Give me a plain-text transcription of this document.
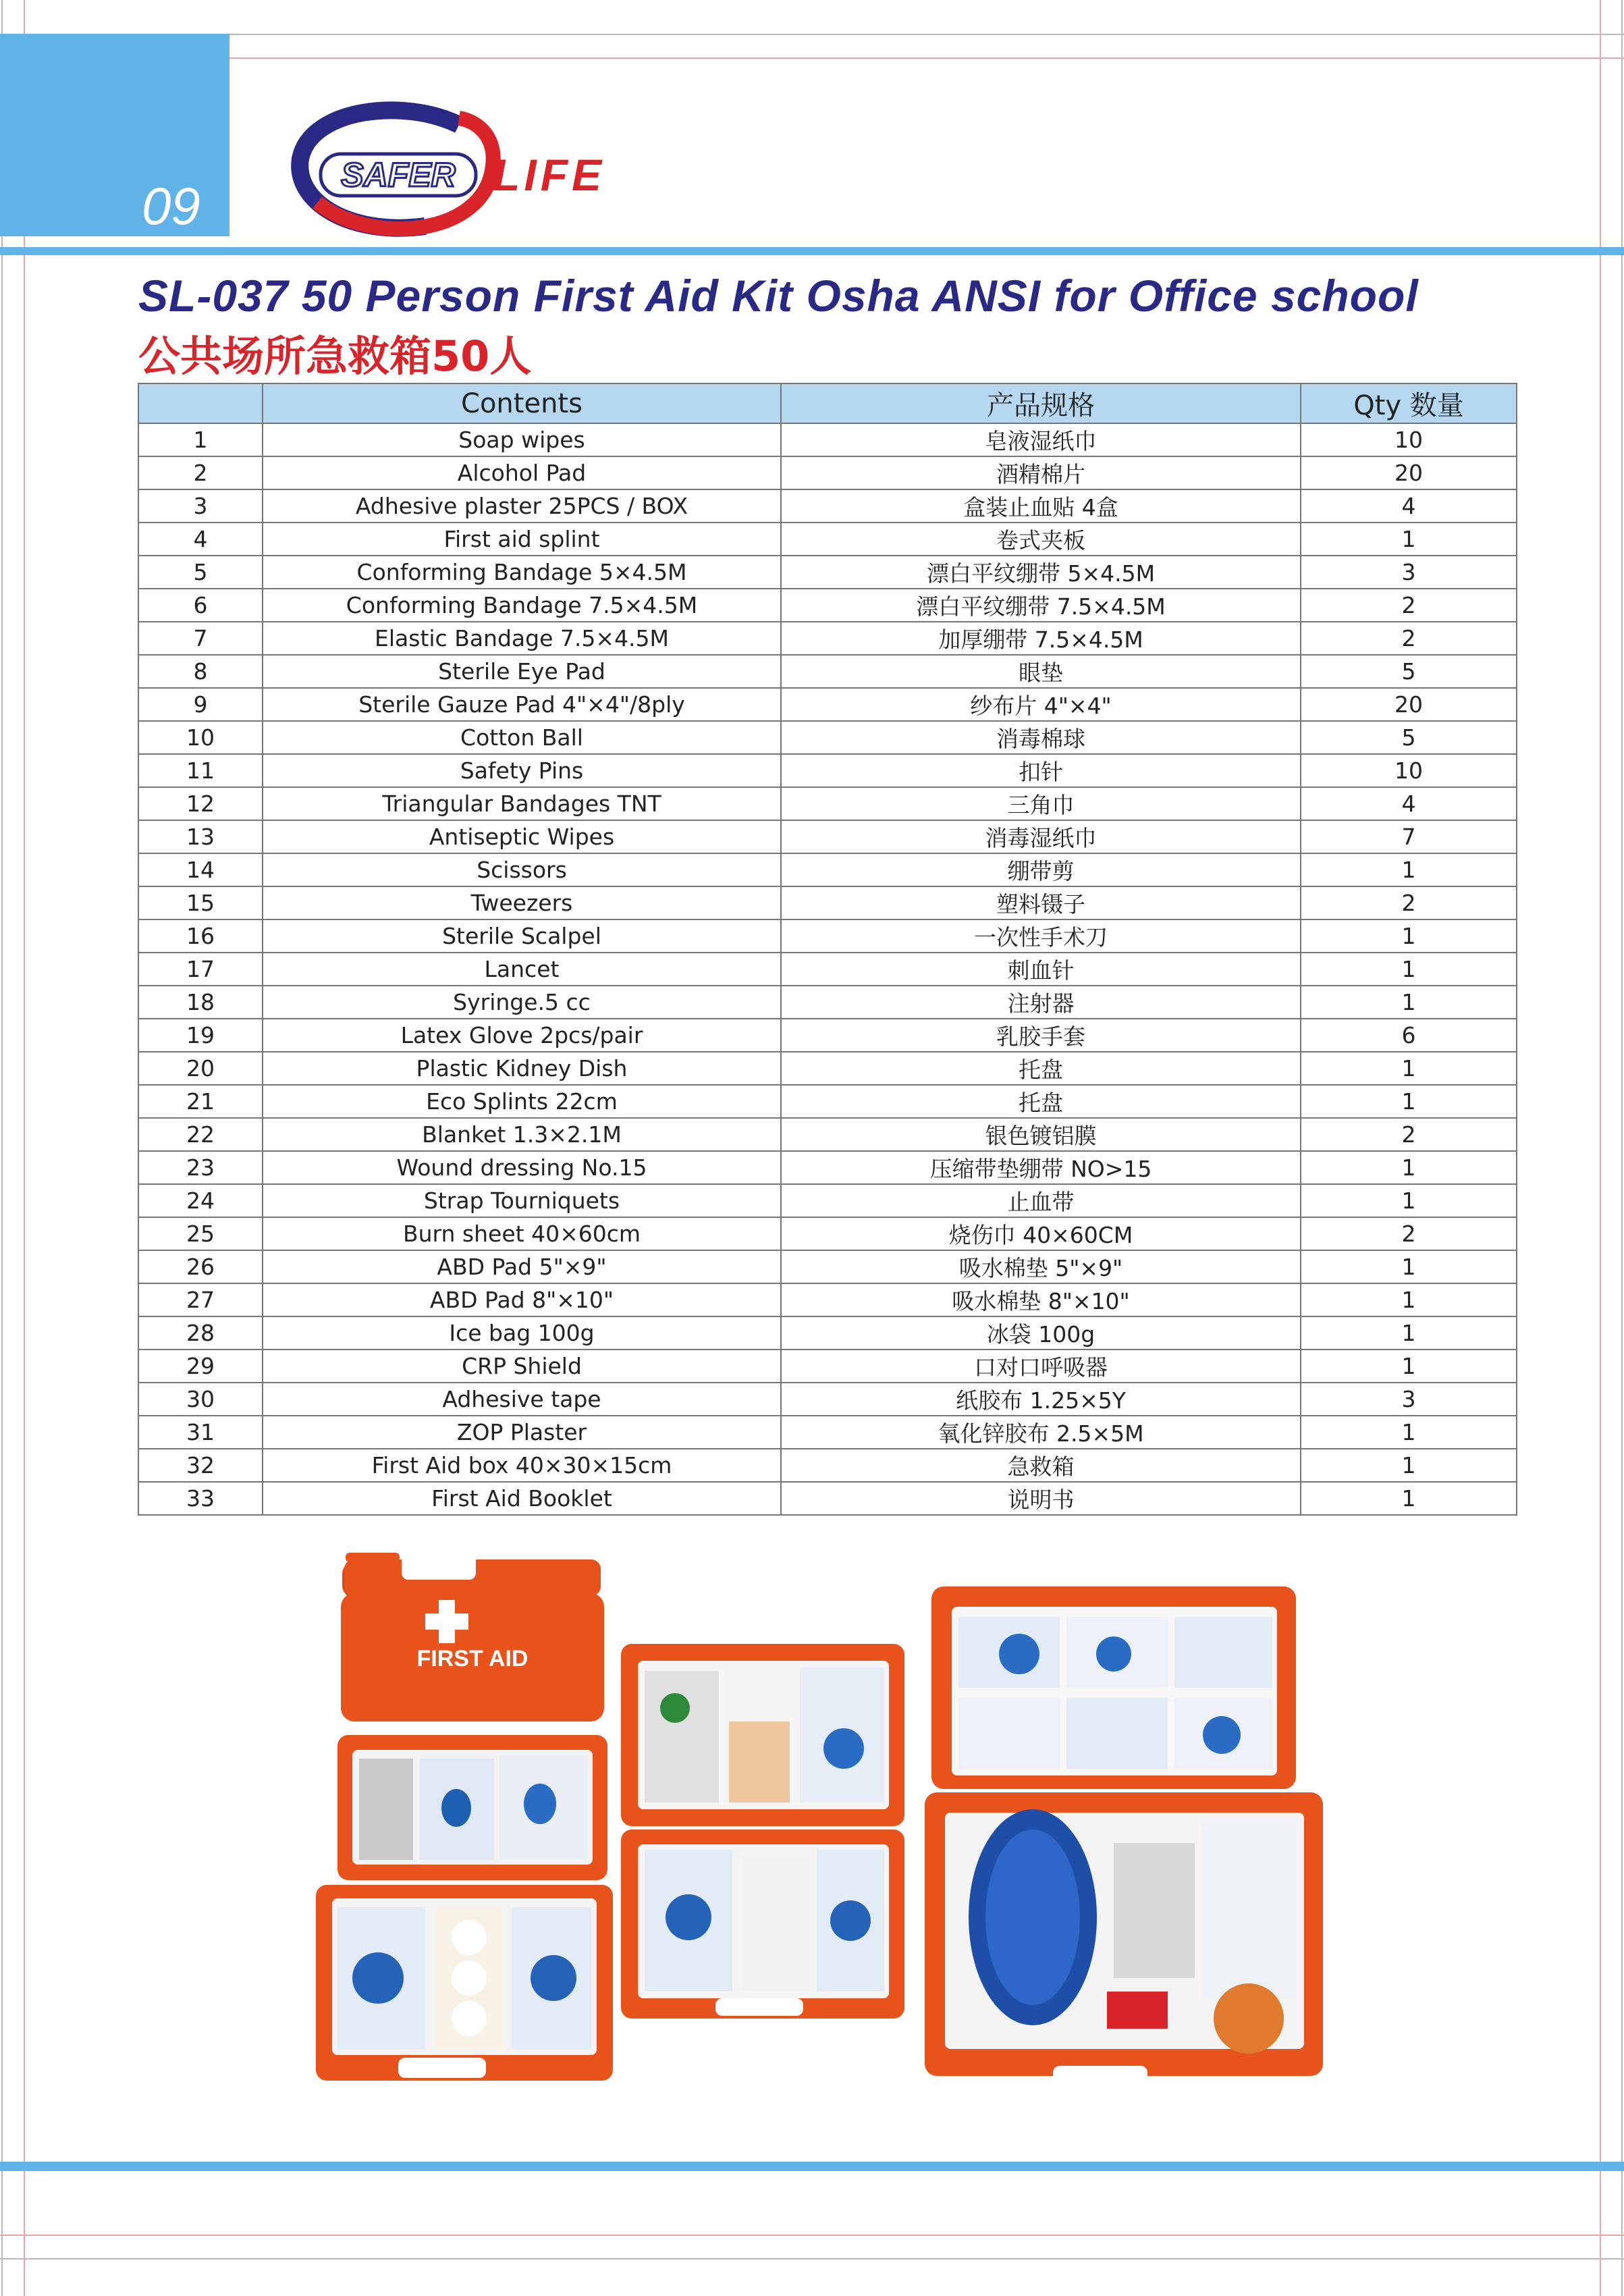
09
SAFER LIFE
SL-037 50 Person First Aid Kit Osha ANSI for Office school
公共场所急救箱50人
	Contents	产品规格	Qty 数量
1	Soap wipes	皂液湿纸巾	10
2	Alcohol Pad	酒精棉片	20
3	Adhesive plaster 25PCS / BOX	盒装止血贴 4盒	4
4	First aid splint	卷式夹板	1
5	Conforming Bandage 5×4.5M	漂白平纹绷带 5×4.5M	3
6	Conforming Bandage 7.5×4.5M	漂白平纹绷带 7.5×4.5M	2
7	Elastic Bandage 7.5×4.5M	加厚绷带 7.5×4.5M	2
8	Sterile Eye Pad	眼垫	5
9	Sterile Gauze Pad 4"×4"/8ply	纱布片 4"×4"	20
10	Cotton Ball	消毒棉球	5
11	Safety Pins	扣针	10
12	Triangular Bandages TNT	三角巾	4
13	Antiseptic Wipes	消毒湿纸巾	7
14	Scissors	绷带剪	1
15	Tweezers	塑料镊子	2
16	Sterile Scalpel	一次性手术刀	1
17	Lancet	刺血针	1
18	Syringe.5 cc	注射器	1
19	Latex Glove 2pcs/pair	乳胶手套	6
20	Plastic Kidney Dish	托盘	1
21	Eco Splints 22cm	托盘	1
22	Blanket 1.3×2.1M	银色镀铝膜	2
23	Wound dressing No.15	压缩带垫绷带 NO>15	1
24	Strap Tourniquets	止血带	1
25	Burn sheet 40×60cm	烧伤巾 40×60CM	2
26	ABD Pad 5"×9"	吸水棉垫 5"×9"	1
27	ABD Pad 8"×10"	吸水棉垫 8"×10"	1
28	Ice bag 100g	冰袋 100g	1
29	CRP Shield	口对口呼吸器	1
30	Adhesive tape	纸胶布 1.25×5Y	3
31	ZOP Plaster	氧化锌胶布 2.5×5M	1
32	First Aid box 40×30×15cm	急救箱	1
33	First Aid Booklet	说明书	1
FIRST AID
